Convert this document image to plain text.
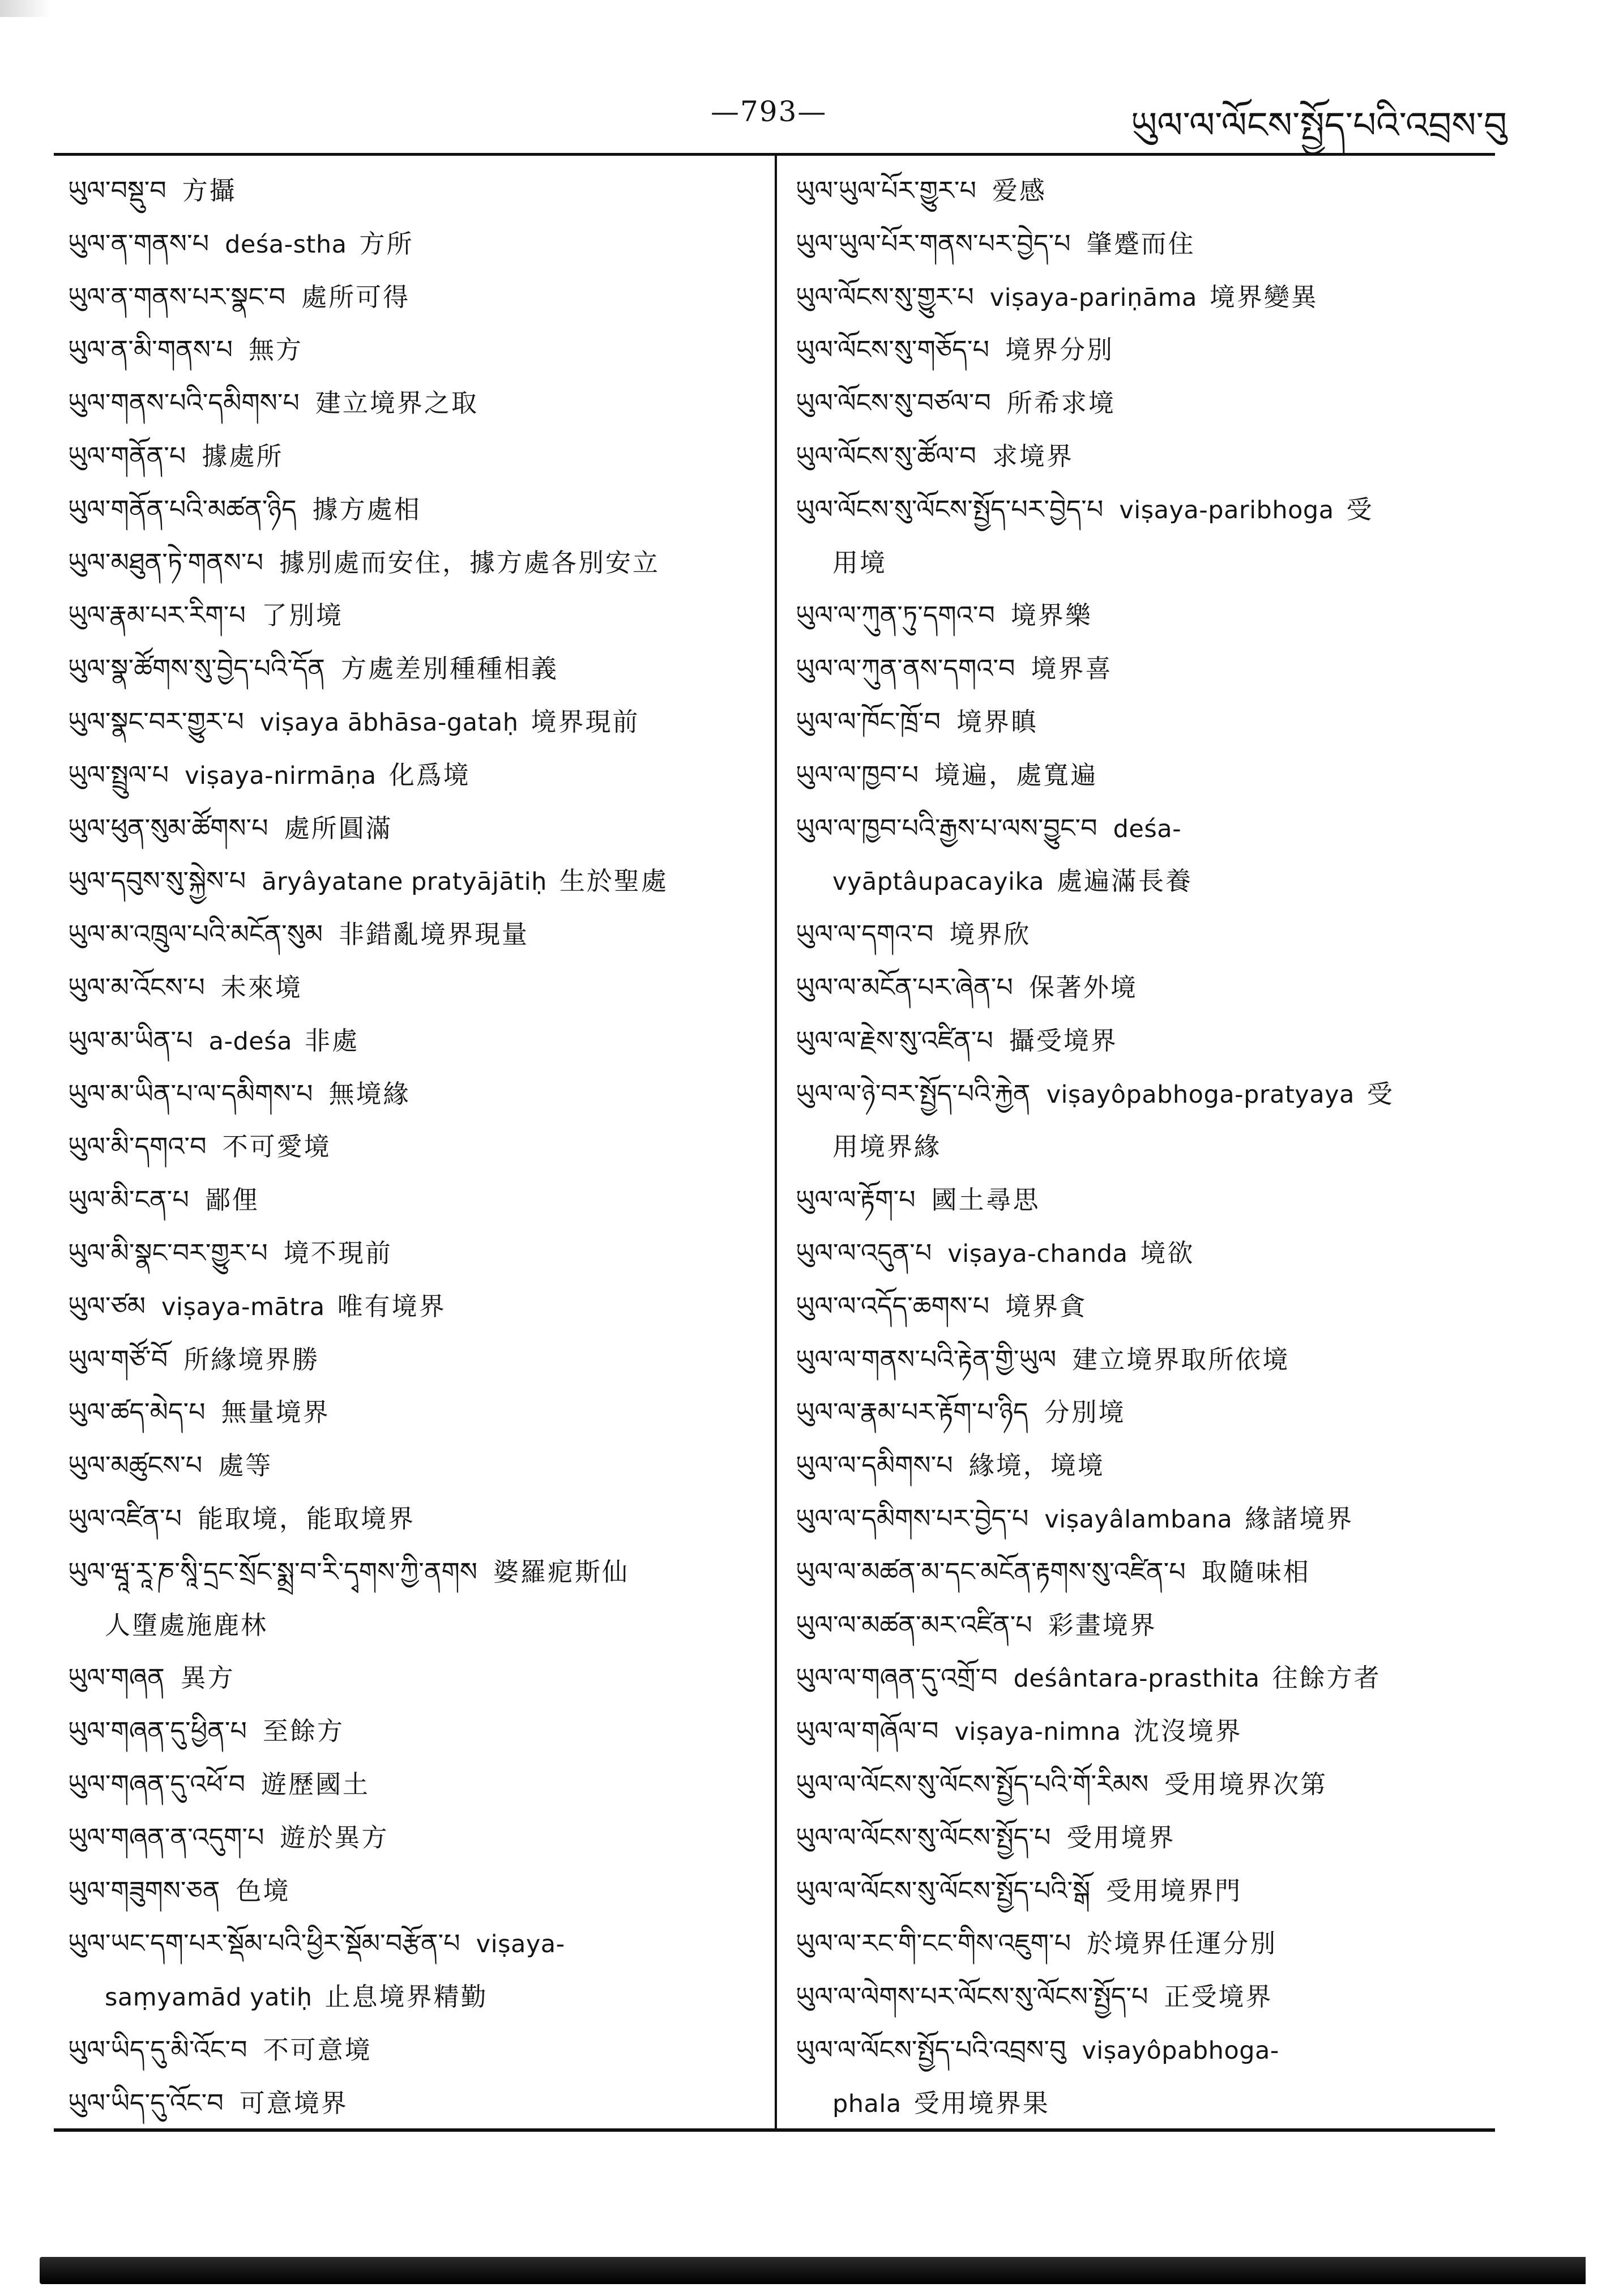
—793—	ཡུལ་ལ་ལོངས་སྤྱོད་པའི་འབྲས་བུ
ཡུལ་བསྡུ་བ 方攝
ཡུལ་ན་གནས་པ deśa-stha 方所
ཡུལ་ན་གནས་པར་སྣང་བ 處所可得
ཡུལ་ན་མི་གནས་པ 無方
ཡུལ་གནས་པའི་དམིགས་པ 建立境界之取
ཡུལ་གནོན་པ 據處所
ཡུལ་གནོན་པའི་མཚན་ཉིད 據方處相
ཡུལ་མཐུན་ཏེ་གནས་པ 據別處而安住，據方處各別安立
ཡུལ་རྣམ་པར་རིག་པ 了別境
ཡུལ་སྣ་ཚོགས་སུ་བྱེད་པའི་དོན 方處差別種種相義
ཡུལ་སྣང་བར་གྱུར་པ viṣaya ābhāsa-gataḥ 境界現前
ཡུལ་སྤྲུལ་པ viṣaya-nirmāṇa 化爲境
ཡུལ་ཕུན་སུམ་ཚོགས་པ 處所圓滿
ཡུལ་དབུས་སུ་སྐྱེས་པ āryâyatane pratyājātiḥ 生於聖處
ཡུལ་མ་འཁྲུལ་པའི་མངོན་སུམ 非錯亂境界現量
ཡུལ་མ་འོངས་པ 未來境
ཡུལ་མ་ཡིན་པ a-deśa 非處
ཡུལ་མ་ཡིན་པ་ལ་དམིགས་པ 無境緣
ཡུལ་མི་དགའ་བ 不可愛境
ཡུལ་མི་ངན་པ 鄙俚
ཡུལ་མི་སྣང་བར་གྱུར་པ 境不現前
ཡུལ་ཙམ viṣaya-mātra 唯有境界
ཡུལ་གཙོ་བོ 所緣境界勝
ཡུལ་ཚད་མེད་པ 無量境界
ཡུལ་མཚུངས་པ 處等
ཡུལ་འཛིན་པ 能取境，能取境界
ཡུལ་ཝཱ་རཱ་ཎ་སཱི་དྲང་སྲོང་སྨྲ་བ་རི་དྭགས་ཀྱི་ནགས 婆羅痆斯仙
人墮處施鹿林
ཡུལ་གཞན 異方
ཡུལ་གཞན་དུ་ཕྱིན་པ 至餘方
ཡུལ་གཞན་དུ་འཕོ་བ 遊歷國土
ཡུལ་གཞན་ན་འདུག་པ 遊於異方
ཡུལ་གཟུགས་ཅན 色境
ཡུལ་ཡང་དག་པར་སྡོམ་པའི་ཕྱིར་སྡོམ་བརྩོན་པ viṣaya-
saṃyamād yatiḥ 止息境界精勤
ཡུལ་ཡིད་དུ་མི་འོང་བ 不可意境
ཡུལ་ཡིད་དུ་འོང་བ 可意境界
ཡུལ་ཡུལ་པོར་གྱུར་པ 爱感
ཡུལ་ཡུལ་པོར་གནས་པར་བྱེད་པ 肇蹙而住
ཡུལ་ལོངས་སུ་གྱུར་པ viṣaya-pariṇāma 境界變異
ཡུལ་ལོངས་སུ་གཅོད་པ 境界分別
ཡུལ་ལོངས་སུ་བཙལ་བ 所希求境
ཡུལ་ལོངས་སུ་ཚོལ་བ 求境界
ཡུལ་ལོངས་སུ་ལོངས་སྤྱོད་པར་བྱེད་པ viṣaya-paribhoga 受
用境
ཡུལ་ལ་ཀུན་ཏུ་དགའ་བ 境界樂
ཡུལ་ལ་ཀུན་ནས་དགའ་བ 境界喜
ཡུལ་ལ་ཁོང་ཁྲོ་བ 境界瞋
ཡུལ་ལ་ཁྱབ་པ 境遍，處寬遍
ཡུལ་ལ་ཁྱབ་པའི་རྒྱས་པ་ལས་བྱུང་བ deśa-
vyāptâupacayika 處遍滿長養
ཡུལ་ལ་དགའ་བ 境界欣
ཡུལ་ལ་མངོན་པར་ཞེན་པ 保著外境
ཡུལ་ལ་རྗེས་སུ་འཛིན་པ 攝受境界
ཡུལ་ལ་ཉེ་བར་སྤྱོད་པའི་རྐྱེན viṣayôpabhoga-pratyaya 受
用境界緣
ཡུལ་ལ་རྟོག་པ 國土尋思
ཡུལ་ལ་འདུན་པ viṣaya-chanda 境欲
ཡུལ་ལ་འདོད་ཆགས་པ 境界貪
ཡུལ་ལ་གནས་པའི་རྟེན་གྱི་ཡུལ 建立境界取所依境
ཡུལ་ལ་རྣམ་པར་རྟོག་པ་ཉིད 分別境
ཡུལ་ལ་དམིགས་པ 緣境，境境
ཡུལ་ལ་དམིགས་པར་བྱེད་པ viṣayâlambana 緣諸境界
ཡུལ་ལ་མཚན་མ་དང་མངོན་རྟགས་སུ་འཛིན་པ 取隨味相
ཡུལ་ལ་མཚན་མར་འཛིན་པ 彩畫境界
ཡུལ་ལ་གཞན་དུ་འགྲོ་བ deśântara-prasthita 往餘方者
ཡུལ་ལ་གཞོལ་བ viṣaya-nimna 沈沒境界
ཡུལ་ལ་ལོངས་སུ་ལོངས་སྤྱོད་པའི་གོ་རིམས 受用境界次第
ཡུལ་ལ་ལོངས་སུ་ལོངས་སྤྱོད་པ 受用境界
ཡུལ་ལ་ལོངས་སུ་ལོངས་སྤྱོད་པའི་སྒོ 受用境界門
ཡུལ་ལ་རང་གི་ངང་གིས་འཇུག་པ 於境界任運分別
ཡུལ་ལ་ལེགས་པར་ལོངས་སུ་ལོངས་སྤྱོད་པ 正受境界
ཡུལ་ལ་ལོངས་སྤྱོད་པའི་འབྲས་བུ viṣayôpabhoga-
phala 受用境界果
